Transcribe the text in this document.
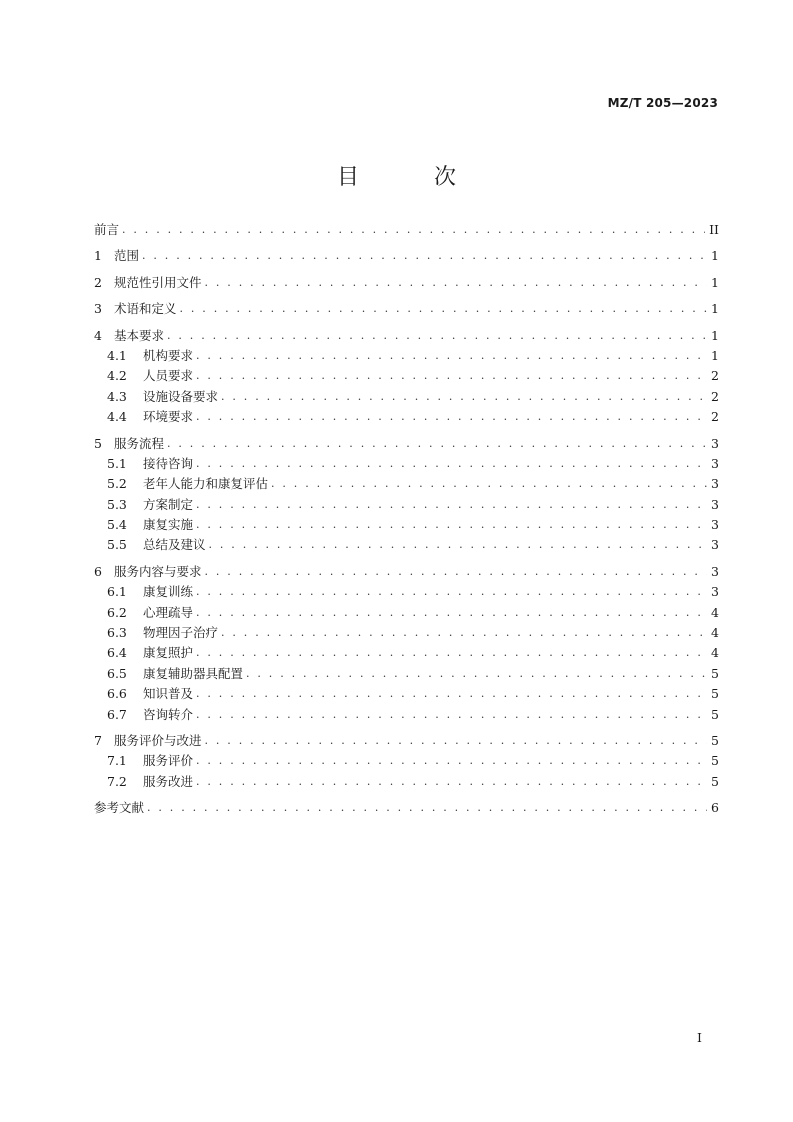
MZ/T 205—2023
目 次
前言 . . .	II
1 范围 . . .	1
2 规范性引用文件 . . .	1
3 术语和定义 . . .	1
4 基本要求 . . .	1
4.1	机构要求 . . .	1
4.2	人员要求 . . .	2
4.3	设施设备要求 . . .	2
4.4	环境要求 . . .	2
5 服务流程 . . .	3
5.1	接待咨询 . . .	3
5.2	老年人能力和康复评估 . . .	3
5.3	方案制定 . . .	3
5.4	康复实施 . . .	3
5.5	总结及建议 . . .	3
6 服务内容与要求 . . .	3
6.1	康复训练 . . .	3
6.2	心理疏导 . . .	4
6.3	物理因子治疗 . . .	4
6.4	康复照护 . . .	4
6.5	康复辅助器具配置 . . .	5
6.6	知识普及 . . .	5
6.7	咨询转介 . . .	5
7 服务评价与改进 . . .	5
7.1	服务评价 . . .	5
7.2	服务改进 . . .	5
参考文献 . . .	6
I
